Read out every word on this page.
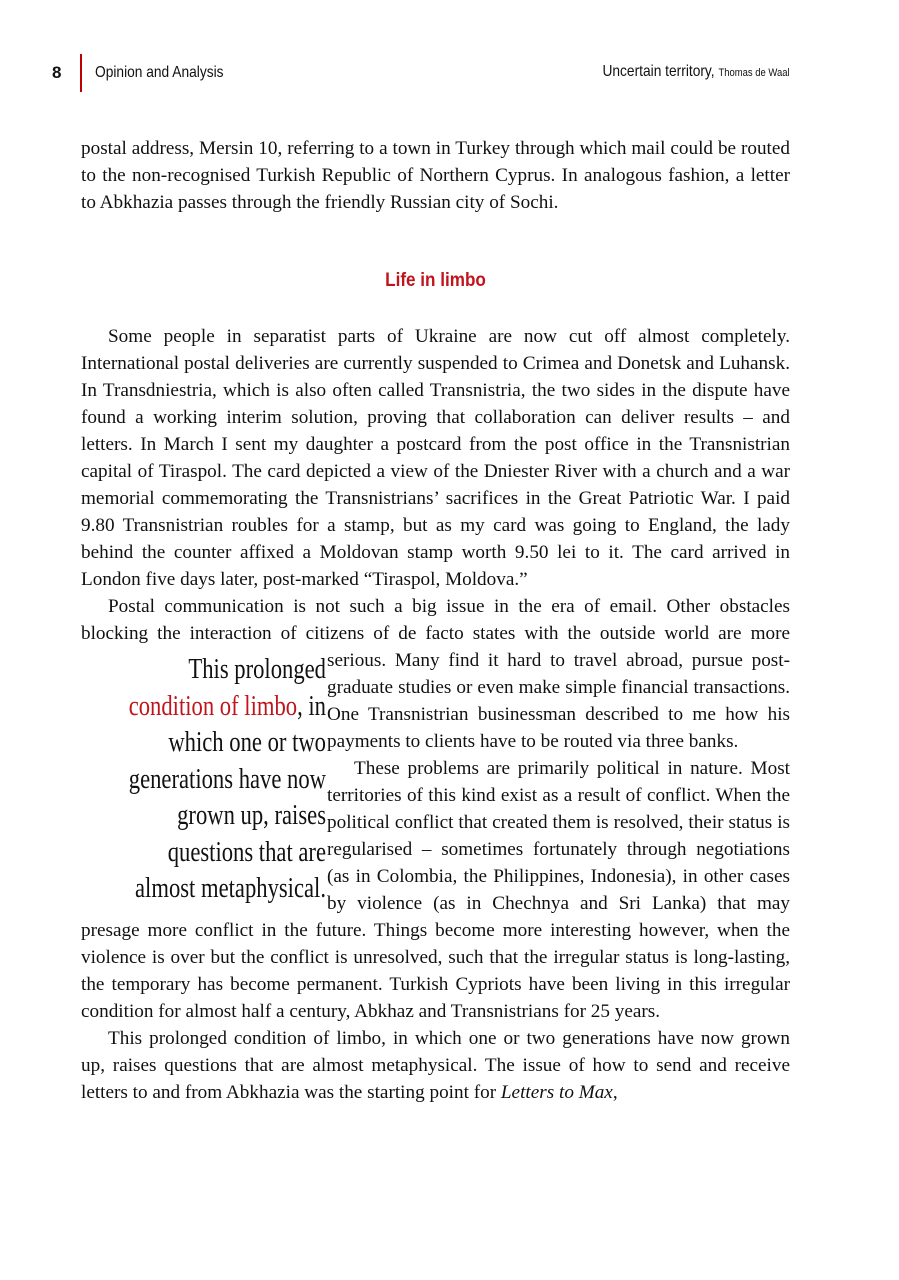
8 Opinion and Analysis	Uncertain territory, Thomas de Waal

postal address, Mersin 10, referring to a town in Turkey through which mail could be routed to the non-recognised Turkish Republic of Northern Cyprus. In analogous fashion, a letter to Abkhazia passes through the friendly Russian city of Sochi.

Life in limbo

Some people in separatist parts of Ukraine are now cut off almost completely. International postal deliveries are currently suspended to Crimea and Donetsk and Luhansk. In Transdniestria, which is also often called Transnistria, the two sides in the dispute have found a working interim solution, proving that collaboration can deliver results – and letters. In March I sent my daughter a postcard from the post office in the Transnistrian capital of Tiraspol. The card depicted a view of the Dniester River with a church and a war memorial commemorating the Transnistrians’ sacrifices in the Great Patriotic War. I paid 9.80 Transnistrian roubles for a stamp, but as my card was going to England, the lady behind the counter affixed a Moldovan stamp worth 9.50 lei to it. The card arrived in London five days later, post-marked “Tiraspol, Moldova.”

Postal communication is not such a big issue in the era of email. Other obstacles blocking the interaction of citizens of de facto states with the outside world
This prolonged condition of limbo, in which one or two generations have now grown up, raises questions that are almost metaphysical.
are more serious. Many find it hard to travel abroad, pursue post-graduate studies or even make simple financial transactions. One Transnistrian businessman described to me how his payments to clients have to be routed via three banks.

These problems are primarily political in nature. Most territories of this kind exist as a result of conflict. When the political conflict that created them is resolved, their status is regularised – sometimes fortunately through negotiations (as in Colombia, the Philippines, Indonesia), in other cases by violence (as in Chechnya and Sri Lanka) that may presage more conflict in the future. Things become more interesting however, when the violence is over but the conflict is unresolved, such that the irregular status is long-lasting, the temporary has become permanent. Turkish Cypriots have been living in this irregular condition for almost half a century, Abkhaz and Transnistrians for 25 years.

This prolonged condition of limbo, in which one or two generations have now grown up, raises questions that are almost metaphysical. The issue of how to send and receive letters to and from Abkhazia was the starting point for Letters to Max,
